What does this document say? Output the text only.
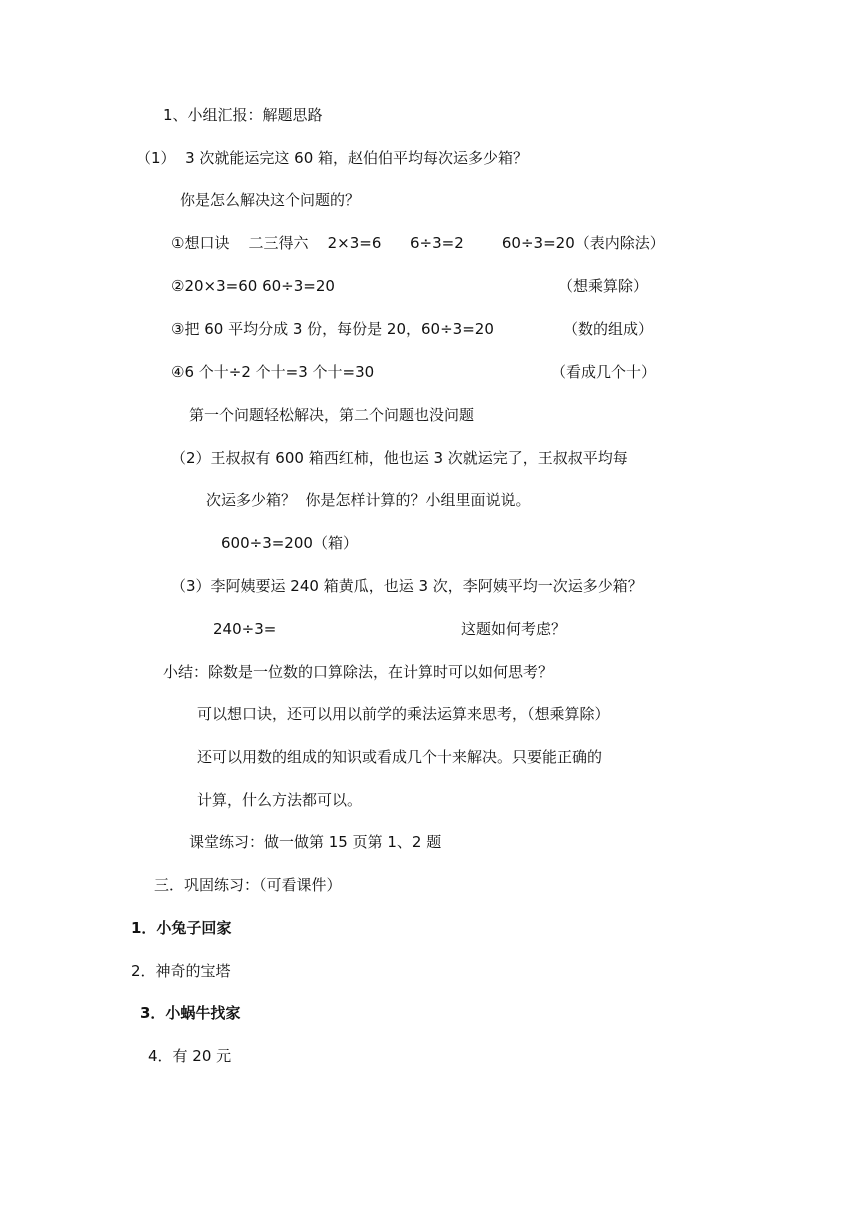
1、小组汇报：解题思路
（1）  3 次就能运完这 60 箱，赵伯伯平均每次运多少箱？
你是怎么解决这个问题的？
①想口诀    二三得六    2×3=6      6÷3=2        60÷3=20（表内除法）
②20×3=60 60÷3=20	（想乘算除）
③把 60 平均分成 3 份，每份是 20，60÷3=20	（数的组成）
④6 个十÷2 个十=3 个十=30	（看成几个十）
第一个问题轻松解决，第二个问题也没问题
（2）王叔叔有 600 箱西红柿，他也运 3 次就运完了，王叔叔平均每
次运多少箱？  你是怎样计算的？小组里面说说。
600÷3=200（箱）
（3）李阿姨要运 240 箱黄瓜，也运 3 次，李阿姨平均一次运多少箱？
240÷3=	这题如何考虑？
小结：除数是一位数的口算除法，在计算时可以如何思考？
可以想口诀，还可以用以前学的乘法运算来思考，（想乘算除）
还可以用数的组成的知识或看成几个十来解决。只要能正确的
计算，什么方法都可以。
课堂练习：做一做第 15 页第 1、2 题
三．巩固练习：（可看课件）
1．小兔子回家
2．神奇的宝塔
3．小蜗牛找家
4．有 20 元
